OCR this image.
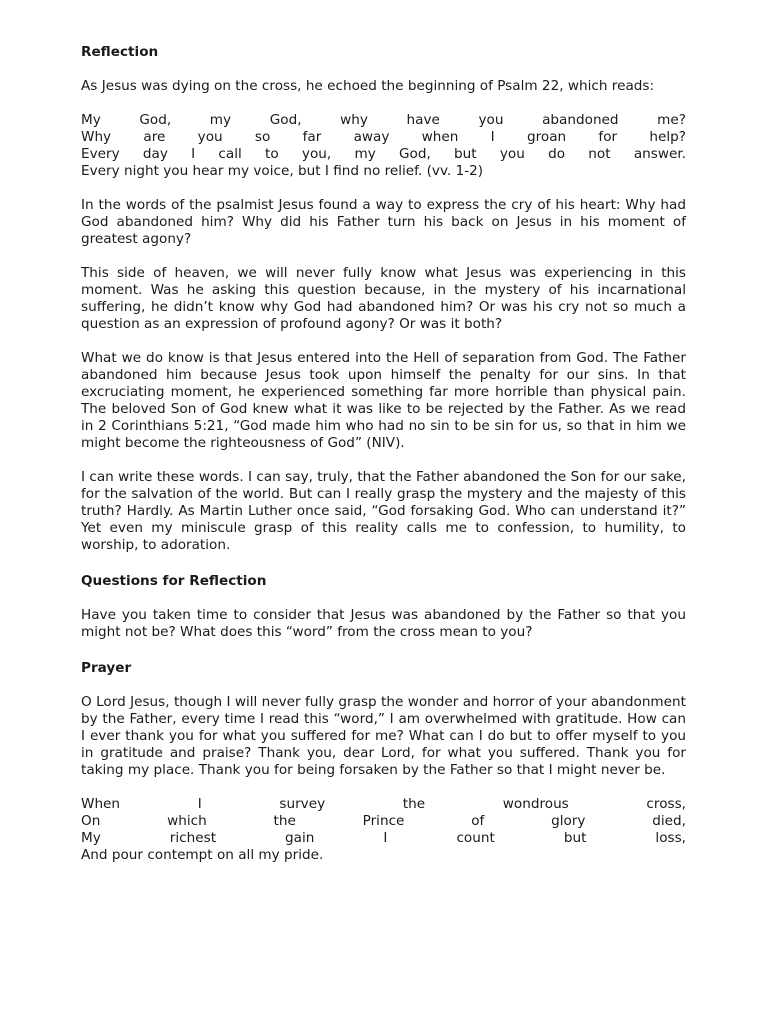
Reflection

As Jesus was dying on the cross, he echoed the beginning of Psalm 22, which reads:

My God, my God, why have you abandoned me?
Why are you so far away when I groan for help?
Every day I call to you, my God, but you do not answer.
Every night you hear my voice, but I find no relief. (vv. 1-2)

In the words of the psalmist Jesus found a way to express the cry of his heart: Why had God abandoned him? Why did his Father turn his back on Jesus in his moment of greatest agony?

This side of heaven, we will never fully know what Jesus was experiencing in this moment. Was he asking this question because, in the mystery of his incarnational suffering, he didn’t know why God had abandoned him? Or was his cry not so much a question as an expression of profound agony? Or was it both?

What we do know is that Jesus entered into the Hell of separation from God. The Father abandoned him because Jesus took upon himself the penalty for our sins. In that excruciating moment, he experienced something far more horrible than physical pain. The beloved Son of God knew what it was like to be rejected by the Father. As we read in 2 Corinthians 5:21, “God made him who had no sin to be sin for us, so that in him we might become the righteousness of God” (NIV).

I can write these words. I can say, truly, that the Father abandoned the Son for our sake, for the salvation of the world. But can I really grasp the mystery and the majesty of this truth? Hardly. As Martin Luther once said, “God forsaking God. Who can understand it?” Yet even my miniscule grasp of this reality calls me to confession, to humility, to worship, to adoration.

Questions for Reflection

Have you taken time to consider that Jesus was abandoned by the Father so that you might not be? What does this “word” from the cross mean to you?

Prayer

O Lord Jesus, though I will never fully grasp the wonder and horror of your abandonment by the Father, every time I read this “word,” I am overwhelmed with gratitude. How can I ever thank you for what you suffered for me? What can I do but to offer myself to you in gratitude and praise? Thank you, dear Lord, for what you suffered. Thank you for taking my place. Thank you for being forsaken by the Father so that I might never be.

When I survey the wondrous cross,
On which the Prince of glory died,
My richest gain I count but loss,
And pour contempt on all my pride.
